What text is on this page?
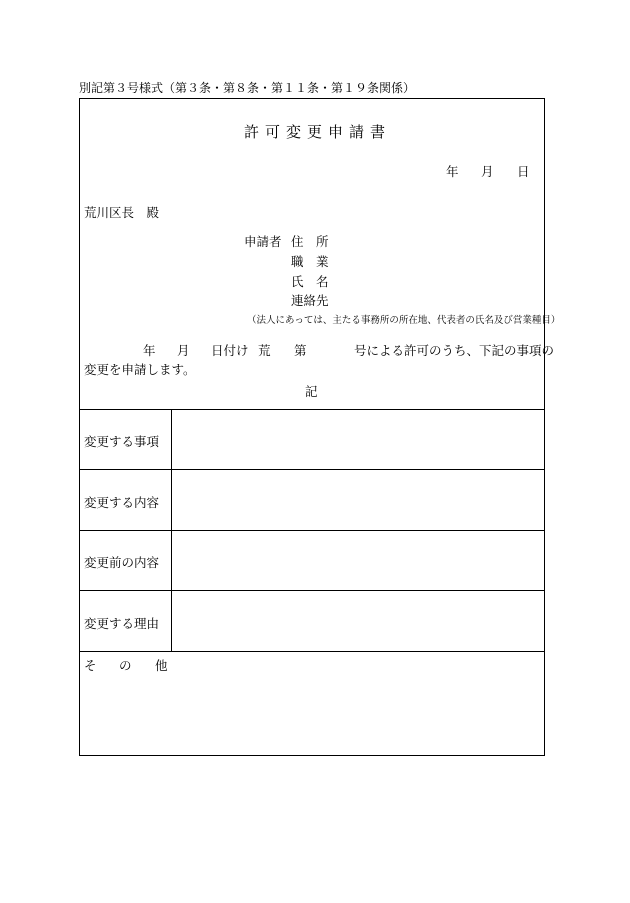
別記第３号様式（第３条・第８条・第１１条・第１９条関係）
許可変更申請書
年 月 日
荒川区長　殿
申請者 住　所
職　業
氏　名
連絡先
（法人にあっては、主たる事務所の所在地、代表者の氏名及び営業種目）
年 月 日付け 荒 第	号による許可のうち、下記の事項の
変更を申請します。
記
変更する事項
変更する内容
変更前の内容
変更する理由
そ の 他
